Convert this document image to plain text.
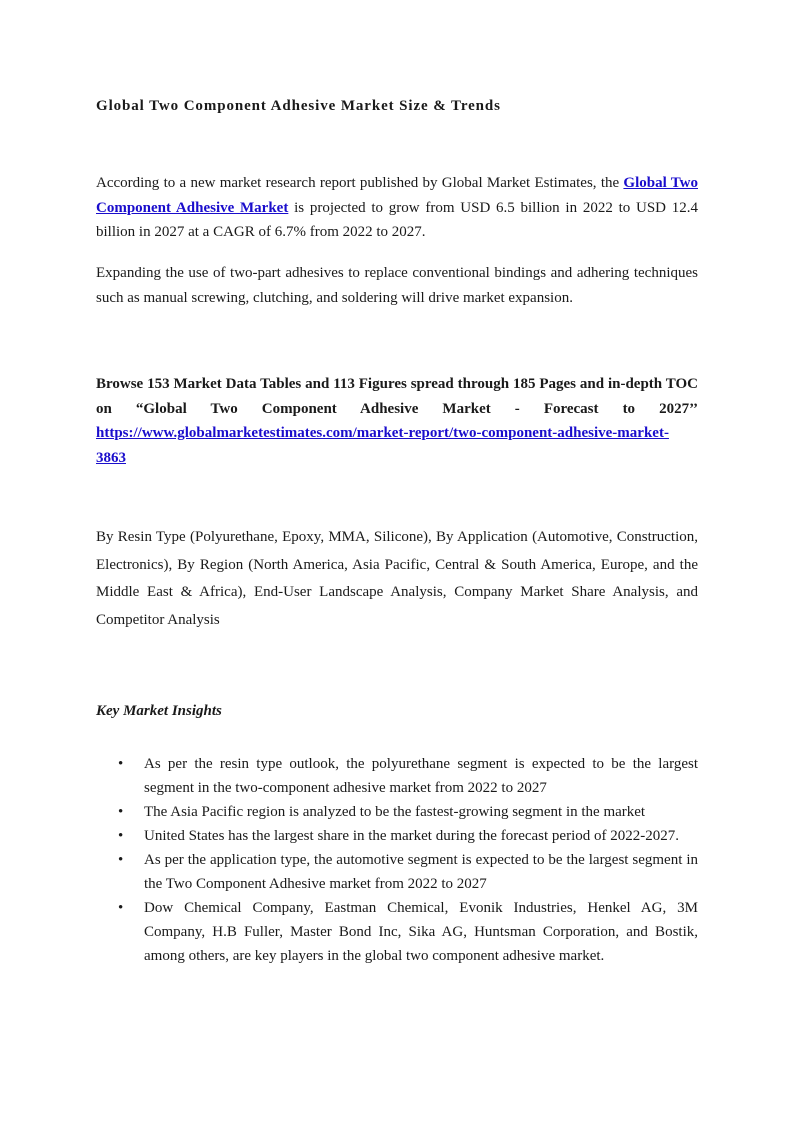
Global Two Component Adhesive Market Size & Trends

According to a new market research report published by Global Market Estimates, the Global Two Component Adhesive Market is projected to grow from USD 6.5 billion in 2022 to USD 12.4 billion in 2027 at a CAGR of 6.7% from 2022 to 2027.

Expanding the use of two-part adhesives to replace conventional bindings and adhering techniques such as manual screwing, clutching, and soldering will drive market expansion.

Browse 153 Market Data Tables and 113 Figures spread through 185 Pages and in-depth TOC on “Global Two Component Adhesive Market - Forecast to 2027’’ https://www.globalmarketestimates.com/market-report/two-component-adhesive-market-3863

By Resin Type (Polyurethane, Epoxy, MMA, Silicone), By Application (Automotive, Construction, Electronics), By Region (North America, Asia Pacific, Central & South America, Europe, and the Middle East & Africa), End-User Landscape Analysis, Company Market Share Analysis, and Competitor Analysis

Key Market Insights
• As per the resin type outlook, the polyurethane segment is expected to be the largest segment in the two-component adhesive market from 2022 to 2027
• The Asia Pacific region is analyzed to be the fastest-growing segment in the market
• United States has the largest share in the market during the forecast period of 2022-2027.
• As per the application type, the automotive segment is expected to be the largest segment in the Two Component Adhesive market from 2022 to 2027
• Dow Chemical Company, Eastman Chemical, Evonik Industries, Henkel AG, 3M Company, H.B Fuller, Master Bond Inc, Sika AG, Huntsman Corporation, and Bostik, among others, are key players in the global two component adhesive market.
